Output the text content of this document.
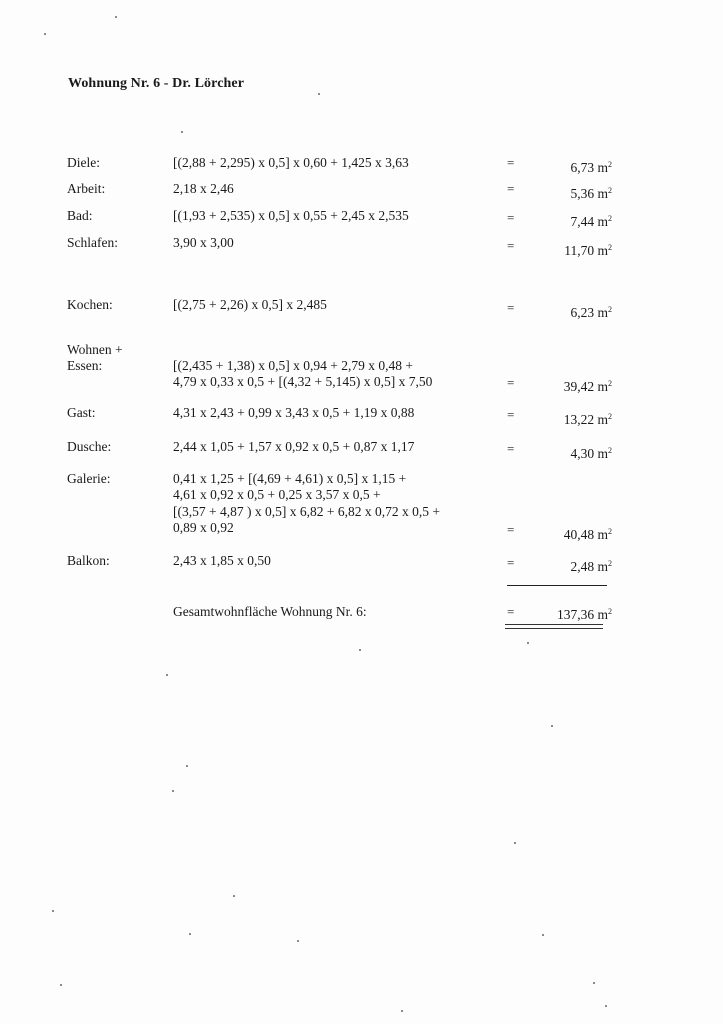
Wohnung Nr. 6 - Dr. Lörcher
Diele:	[(2,88 + 2,295) x 0,5] x 0,60 + 1,425 x 3,63	=	6,73 $m^2$
Arbeit:	2,18 x 2,46	=	5,36 $m^2$
Bad:	[(1,93 + 2,535) x 0,5] x 0,55 + 2,45 x 2,535	=	7,44 $m^2$
Schlafen:	3,90 x 3,00	=	11,70 $m^2$
Kochen:	[(2,75 + 2,26) x 0,5] x 2,485	=	6,23 $m^2$
Wohnen +
Essen:	[(2,435 + 1,38) x 0,5] x 0,94 + 2,79 x 0,48 +
4,79 x 0,33 x 0,5 + [(4,32 + 5,145) x 0,5] x 7,50	=	39,42 $m^2$
Gast:	4,31 x 2,43 + 0,99 x 3,43 x 0,5 + 1,19 x 0,88	=	13,22 $m^2$
Dusche:	2,44 x 1,05 + 1,57 x 0,92 x 0,5 + 0,87 x 1,17	=	4,30 $m^2$
Galerie:	0,41 x 1,25 + [(4,69 + 4,61) x 0,5] x 1,15 +
4,61 x 0,92 x 0,5 + 0,25 x 3,57 x 0,5 +
[(3,57 + 4,87 ) x 0,5] x 6,82 + 6,82 x 0,72 x 0,5 +
0,89 x 0,92	=	40,48 $m^2$
Balkon:	2,43 x 1,85 x 0,50	=	2,48 $m^2$
Gesamtwohnfläche Wohnung Nr. 6:	=	137,36 $m^2$
